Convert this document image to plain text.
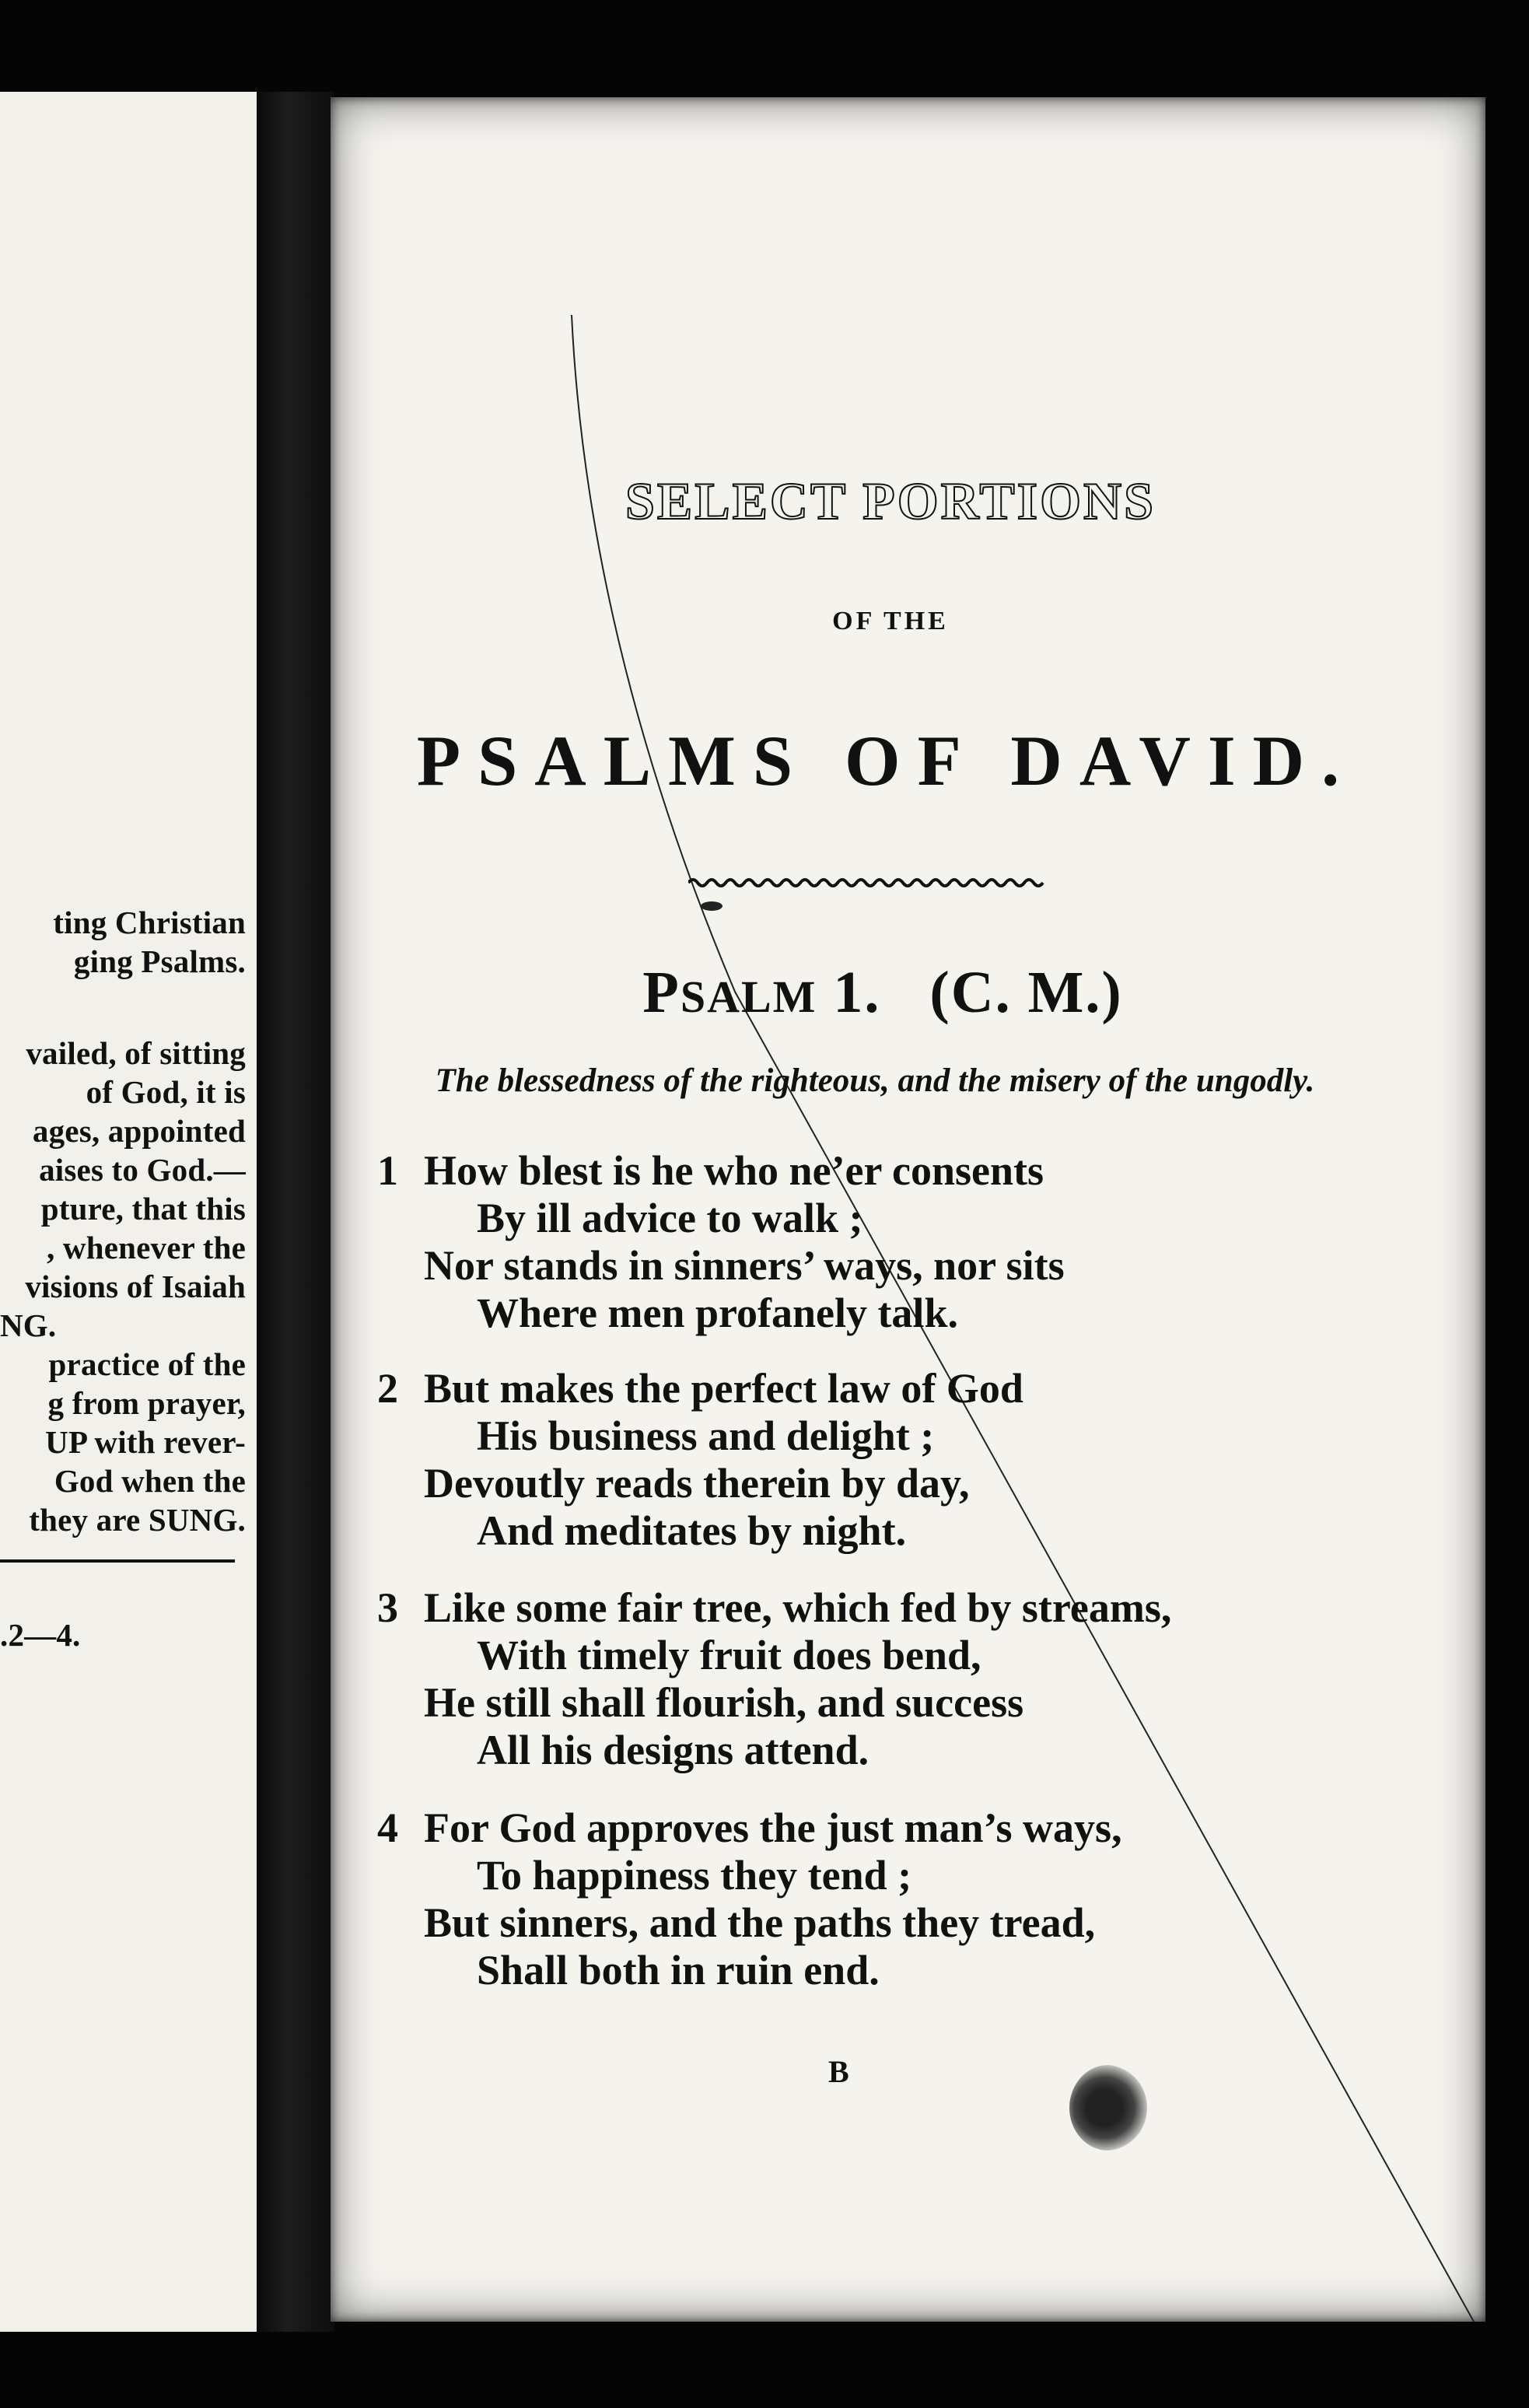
ting Christian
ging Psalms.
vailed, of sitting
of God, it is
ages, appointed
aises to God.—
pture, that this
, whenever the
visions of Isaiah
NG.
practice of the
g from prayer,
UP with rever-
God when the
they are SUNG.
.2—4.
SELECT PORTIONS
OF THE
PSALMS OF DAVID.
PSALM 1.   (C. M.)
The blessedness of the righteous, and the misery of the ungodly.
1 How blest is he who ne’er consents
By ill advice to walk ;
Nor stands in sinners’ ways, nor sits
Where men profanely talk.
2 But makes the perfect law of God
His business and delight ;
Devoutly reads therein by day,
And meditates by night.
3 Like some fair tree, which fed by streams,
With timely fruit does bend,
He still shall flourish, and success
All his designs attend.
4 For God approves the just man’s ways,
To happiness they tend ;
But sinners, and the paths they tread,
Shall both in ruin end.
B
